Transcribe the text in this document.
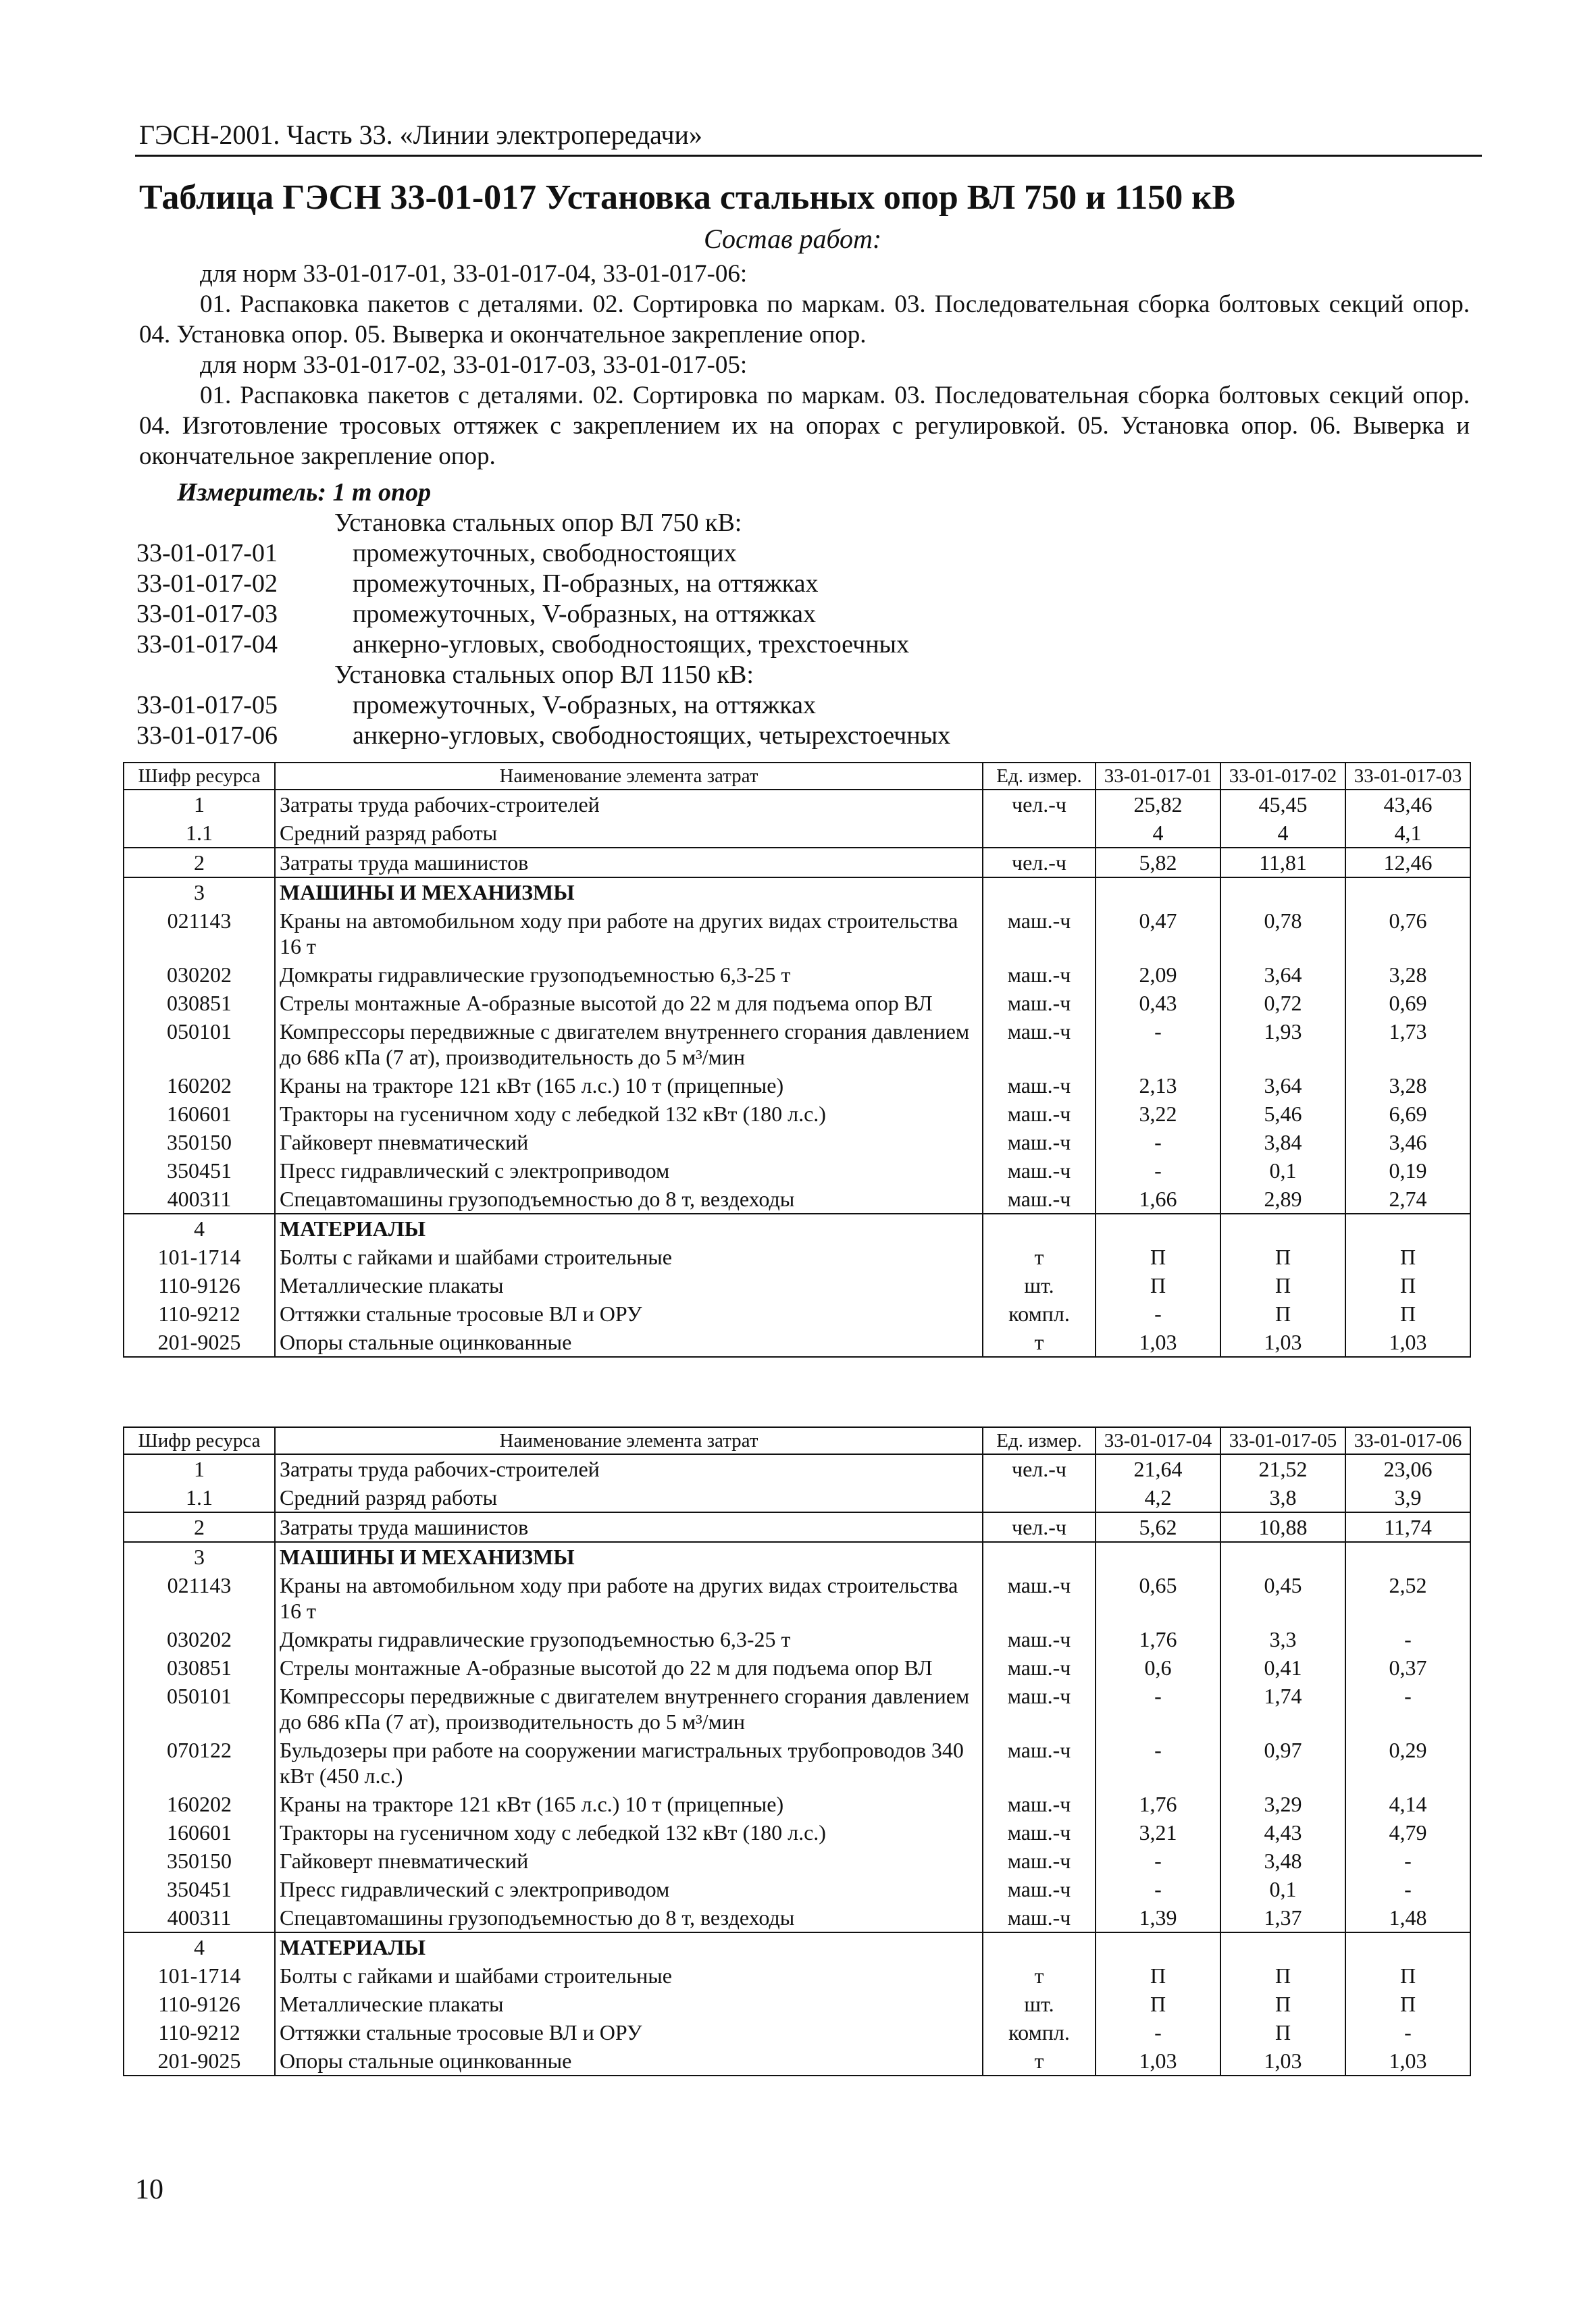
ГЭСН-2001. Часть 33. «Линии электропередачи»
Таблица ГЭСН 33-01-017 Установка стальных опор ВЛ 750 и 1150 кВ
Состав работ:
для норм 33-01-017-01, 33-01-017-04, 33-01-017-06:
01. Распаковка пакетов с деталями. 02. Сортировка по маркам. 03. Последовательная сборка болтовых секций опор. 04. Установка опор. 05. Выверка и окончательное закрепление опор.
для норм 33-01-017-02, 33-01-017-03, 33-01-017-05:
01. Распаковка пакетов с деталями. 02. Сортировка по маркам. 03. Последовательная сборка болтовых секций опор. 04. Изготовление тросовых оттяжек с закреплением их на опорах с регулировкой. 05. Установка опор. 06. Выверка и окончательное закрепление опор.
Измеритель: 1 т опор
Установка стальных опор ВЛ 750 кВ:
33-01-017-01	промежуточных, свободностоящих
33-01-017-02	промежуточных, П-образных, на оттяжках
33-01-017-03	промежуточных, V-образных, на оттяжках
33-01-017-04	анкерно-угловых, свободностоящих, трехстоечных
Установка стальных опор ВЛ 1150 кВ:
33-01-017-05	промежуточных, V-образных, на оттяжках
33-01-017-06	анкерно-угловых, свободностоящих, четырехстоечных
Шифр ресурса	Наименование элемента затрат	Ед. измер.	33-01-017-01	33-01-017-02	33-01-017-03
1	Затраты труда рабочих-строителей	чел.-ч	25,82	45,45	43,46
1.1	Средний разряд работы		4	4	4,1
2	Затраты труда машинистов	чел.-ч	5,82	11,81	12,46
3	МАШИНЫ И МЕХАНИЗМЫ				
021143	Краны на автомобильном ходу при работе на других видах строительства 16 т	маш.-ч	0,47	0,78	0,76
030202	Домкраты гидравлические грузоподъемностью 6,3-25 т	маш.-ч	2,09	3,64	3,28
030851	Стрелы монтажные А-образные высотой до 22 м для подъема опор ВЛ	маш.-ч	0,43	0,72	0,69
050101	Компрессоры передвижные с двигателем внутреннего сгорания давлением до 686 кПа (7 ат), производительность до 5 м³/мин	маш.-ч	-	1,93	1,73
160202	Краны на тракторе 121 кВт (165 л.с.) 10 т (прицепные)	маш.-ч	2,13	3,64	3,28
160601	Тракторы на гусеничном ходу с лебедкой 132 кВт (180 л.с.)	маш.-ч	3,22	5,46	6,69
350150	Гайковерт пневматический	маш.-ч	-	3,84	3,46
350451	Пресс гидравлический с электроприводом	маш.-ч	-	0,1	0,19
400311	Спецавтомашины грузоподъемностью до 8 т, вездеходы	маш.-ч	1,66	2,89	2,74
4	МАТЕРИАЛЫ				
101-1714	Болты с гайками и шайбами строительные	т	П	П	П
110-9126	Металлические плакаты	шт.	П	П	П
110-9212	Оттяжки стальные тросовые ВЛ и ОРУ	компл.	-	П	П
201-9025	Опоры стальные оцинкованные	т	1,03	1,03	1,03
Шифр ресурса	Наименование элемента затрат	Ед. измер.	33-01-017-04	33-01-017-05	33-01-017-06
1	Затраты труда рабочих-строителей	чел.-ч	21,64	21,52	23,06
1.1	Средний разряд работы		4,2	3,8	3,9
2	Затраты труда машинистов	чел.-ч	5,62	10,88	11,74
3	МАШИНЫ И МЕХАНИЗМЫ				
021143	Краны на автомобильном ходу при работе на других видах строительства 16 т	маш.-ч	0,65	0,45	2,52
030202	Домкраты гидравлические грузоподъемностью 6,3-25 т	маш.-ч	1,76	3,3	-
030851	Стрелы монтажные А-образные высотой до 22 м для подъема опор ВЛ	маш.-ч	0,6	0,41	0,37
050101	Компрессоры передвижные с двигателем внутреннего сгорания давлением до 686 кПа (7 ат), производительность до 5 м³/мин	маш.-ч	-	1,74	-
070122	Бульдозеры при работе на сооружении магистральных трубопроводов 340 кВт (450 л.с.)	маш.-ч	-	0,97	0,29
160202	Краны на тракторе 121 кВт (165 л.с.) 10 т (прицепные)	маш.-ч	1,76	3,29	4,14
160601	Тракторы на гусеничном ходу с лебедкой 132 кВт (180 л.с.)	маш.-ч	3,21	4,43	4,79
350150	Гайковерт пневматический	маш.-ч	-	3,48	-
350451	Пресс гидравлический с электроприводом	маш.-ч	-	0,1	-
400311	Спецавтомашины грузоподъемностью до 8 т, вездеходы	маш.-ч	1,39	1,37	1,48
4	МАТЕРИАЛЫ				
101-1714	Болты с гайками и шайбами строительные	т	П	П	П
110-9126	Металлические плакаты	шт.	П	П	П
110-9212	Оттяжки стальные тросовые ВЛ и ОРУ	компл.	-	П	-
201-9025	Опоры стальные оцинкованные	т	1,03	1,03	1,03
10
